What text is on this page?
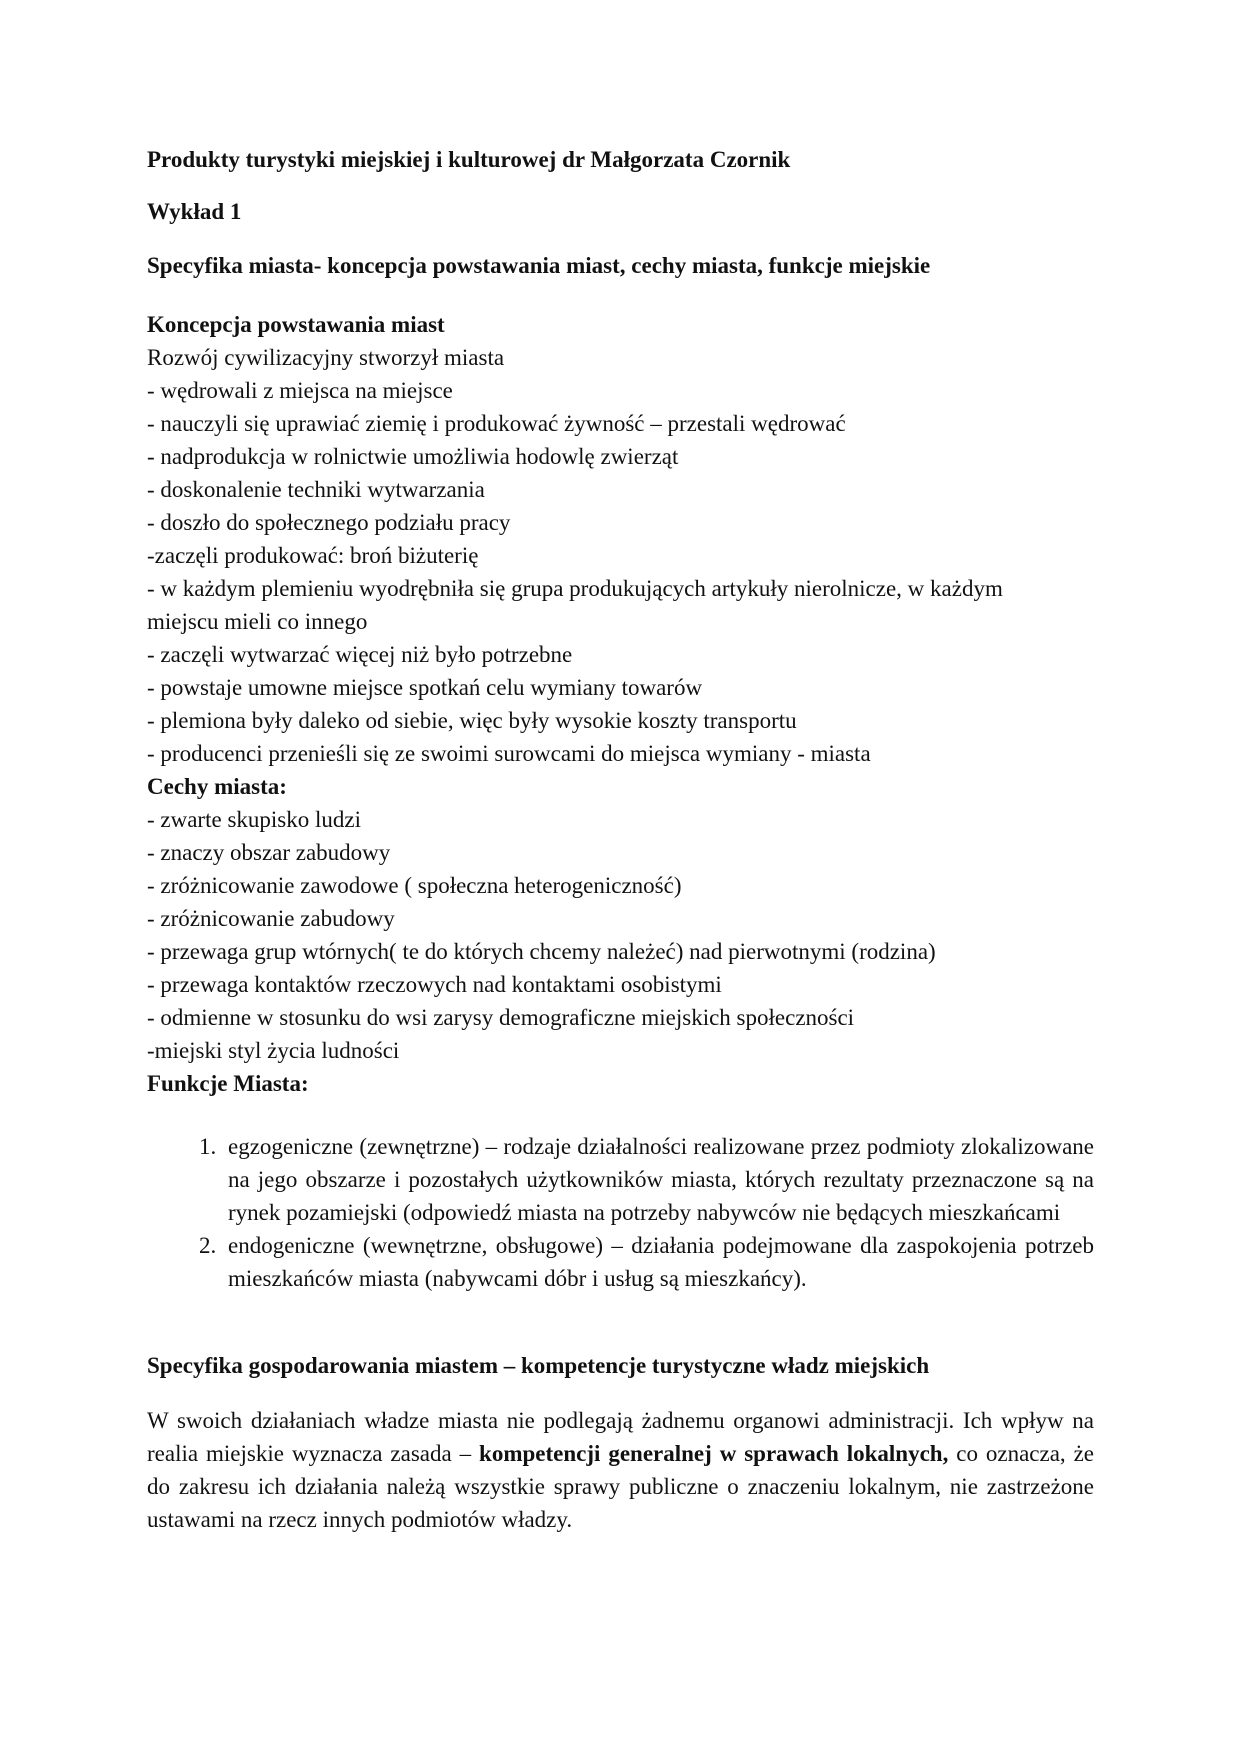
Produkty turystyki miejskiej i kulturowej dr Małgorzata Czornik

Wykład 1

Specyfika miasta- koncepcja powstawania miast, cechy miasta, funkcje miejskie

Koncepcja powstawania miast

Rozwój cywilizacyjny stworzył miasta

- wędrowali z miejsca na miejsce

- nauczyli się uprawiać ziemię i produkować żywność – przestali wędrować

- nadprodukcja w rolnictwie umożliwia hodowlę zwierząt

- doskonalenie techniki wytwarzania

- doszło do społecznego podziału pracy

-zaczęli produkować: broń biżuterię

- w każdym plemieniu wyodrębniła się grupa produkujących artykuły nierolnicze, w każdym

miejscu mieli co innego

- zaczęli wytwarzać więcej niż było potrzebne

- powstaje umowne miejsce spotkań celu wymiany towarów

- plemiona były daleko od siebie, więc były wysokie koszty transportu

- producenci przenieśli się ze swoimi surowcami do miejsca wymiany - miasta

Cechy miasta:

- zwarte skupisko ludzi

- znaczy obszar zabudowy

- zróżnicowanie zawodowe ( społeczna heterogeniczność)

- zróżnicowanie zabudowy

- przewaga grup wtórnych( te do których chcemy należeć) nad pierwotnymi (rodzina)

- przewaga kontaktów rzeczowych nad kontaktami osobistymi

- odmienne w stosunku do wsi zarysy demograficzne miejskich społeczności

-miejski styl życia ludności

Funkcje Miasta:

1. egzogeniczne (zewnętrzne) – rodzaje działalności realizowane przez podmioty zlokalizowane na jego obszarze i pozostałych użytkowników miasta, których rezultaty przeznaczone są na rynek pozamiejski (odpowiedź miasta na potrzeby nabywców nie będących mieszkańcami
2. endogeniczne (wewnętrzne, obsługowe) – działania podejmowane dla zaspokojenia potrzeb mieszkańców miasta (nabywcami dóbr i usług są mieszkańcy).

Specyfika gospodarowania miastem – kompetencje turystyczne władz miejskich

W swoich działaniach władze miasta nie podlegają żadnemu organowi administracji. Ich wpływ na realia miejskie wyznacza zasada – kompetencji generalnej w sprawach lokalnych, co oznacza, że do zakresu ich działania należą wszystkie sprawy publiczne o znaczeniu lokalnym, nie zastrzeżone ustawami na rzecz innych podmiotów władzy.
